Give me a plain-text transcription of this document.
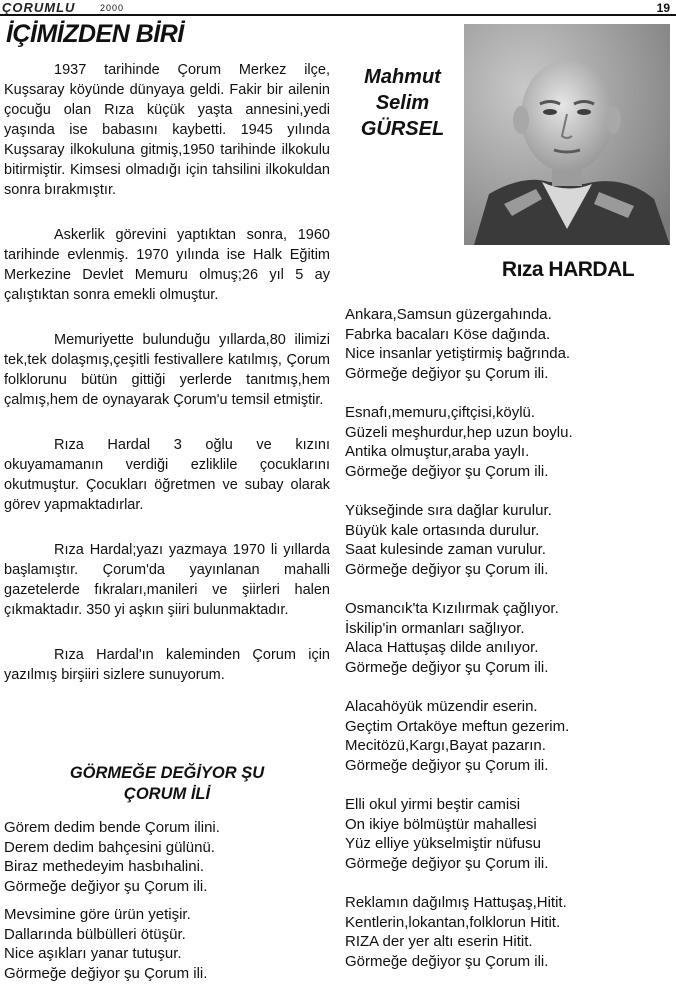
ÇORUMLU	2000	19
İÇİMİZDEN BİRİ

1937 tarihinde Çorum Merkez ilçe, Kuşsaray köyünde dünyaya geldi. Fakir bir ailenin çocuğu olan Rıza küçük yaşta annesini,yedi yaşında ise babasını kaybetti. 1945 yılında Kuşsaray ilkokuluna gitmiş,1950 tarihinde ilkokulu bitirmiştir. Kimsesi olmadığı için tahsilini ilkokuldan sonra bırakmıştır.

Askerlik görevini yaptıktan sonra, 1960 tarihinde evlenmiş. 1970 yılında ise Halk Eğitim Merkezine Devlet Memuru olmuş;26 yıl 5 ay çalıştıktan sonra emekli olmuştur.

Memuriyette bulunduğu yıllarda,80 ilimizi tek,tek dolaşmış,çeşitli festivallere katılmış, Çorum folklorunu bütün gittiği yerlerde tanıtmış,hem çalmış,hem de oynayarak Çorum'u temsil etmiştir.

Rıza Hardal 3 oğlu ve kızını okuyamamanın verdiği ezliklile çocuklarını okutmuştur. Çocukları öğretmen ve subay olarak görev yapmaktadırlar.

Rıza Hardal;yazı yazmaya 1970 li yıllarda başlamıştır. Çorum'da yayınlanan mahalli gazetelerde fıkraları,manileri ve şiirleri halen çıkmaktadır. 350 yi aşkın şiiri bulunmaktadır.

Rıza Hardal'ın kaleminden Çorum için yazılmış birşiiri sizlere sunuyorum.

GÖRMEĞE DEĞİYOR ŞU
ÇORUM İLİ
Görem dedim bende Çorum ilini.
Derem dedim bahçesini gülünü.
Biraz methedeyim hasbıhalini.
Görmeğe değiyor şu Çorum ili.
Mevsimine göre ürün yetişir.
Dallarında bülbülleri ötüşür.
Nice aşıkları yanar tutuşur.
Görmeğe değiyor şu Çorum ili.
Mahmut
Selim
GÜRSEL
Rıza HARDAL
Ankara,Samsun güzergahında.
Fabrka bacaları Köse dağında.
Nice insanlar yetiştirmiş bağrında.
Görmeğe değiyor şu Çorum ili.
Esnafı,memuru,çiftçisi,köylü.
Güzeli meşhurdur,hep uzun boylu.
Antika olmuştur,araba yaylı.
Görmeğe değiyor şu Çorum ili.
Yükseğinde sıra dağlar kurulur.
Büyük kale ortasında durulur.
Saat kulesinde zaman vurulur.
Görmeğe değiyor şu Çorum ili.
Osmancık'ta Kızılırmak çağlıyor.
İskilip'in ormanları sağlıyor.
Alaca Hattuşaş dilde anılıyor.
Görmeğe değiyor şu Çorum ili.
Alacahöyük müzendir eserin.
Geçtim Ortaköye meftun gezerim.
Mecitözü,Kargı,Bayat pazarın.
Görmeğe değiyor şu Çorum ili.
Elli okul yirmi beştir camisi
On ikiye bölmüştür mahallesi
Yüz elliye yükselmiştir nüfusu
Görmeğe değiyor şu Çorum ili.
Reklamın dağılmış Hattuşaş,Hitit.
Kentlerin,lokantan,folklorun Hitit.
RIZA der yer altı eserin Hitit.
Görmeğe değiyor şu Çorum ili.
